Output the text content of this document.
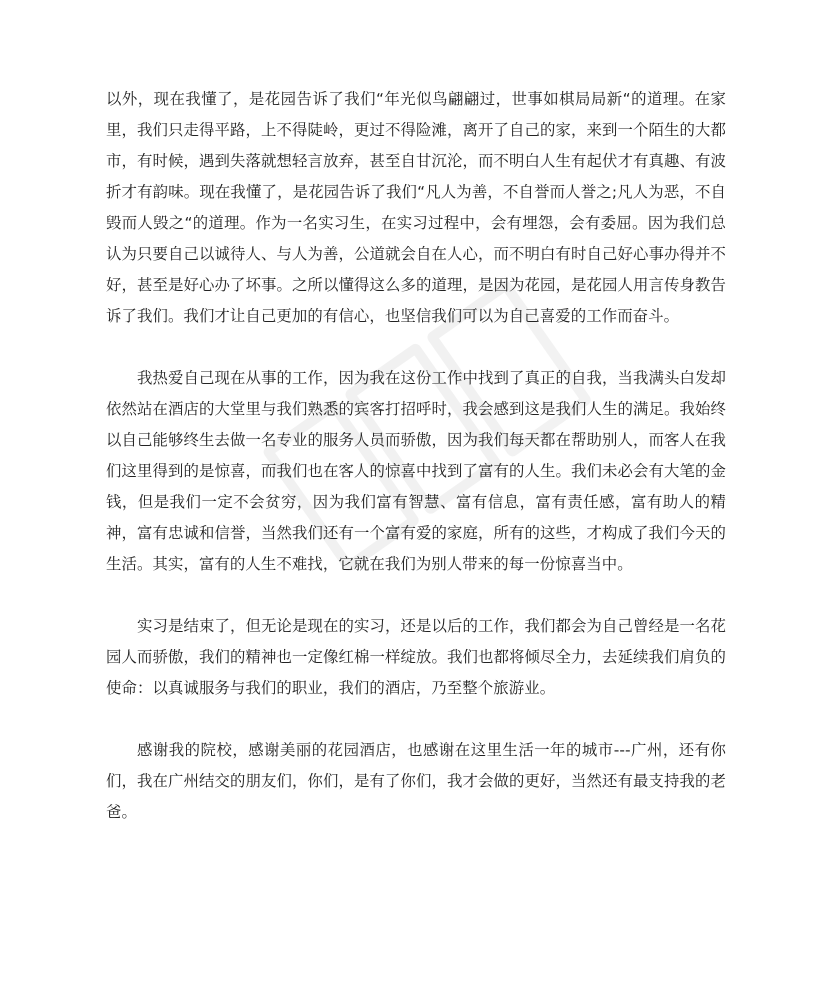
以外，现在我懂了，是花园告诉了我们“年光似鸟翩翩过，世事如棋局局新“的道理。在家里，我们只走得平路，上不得陡岭，更过不得险滩，离开了自己的家，来到一个陌生的大都市，有时候，遇到失落就想轻言放弃，甚至自甘沉沦，而不明白人生有起伏才有真趣、有波折才有韵味。现在我懂了，是花园告诉了我们“凡人为善，不自誉而人誉之;凡人为恶，不自毁而人毁之“的道理。作为一名实习生，在实习过程中，会有埋怨，会有委屈。因为我们总认为只要自己以诚待人、与人为善，公道就会自在人心，而不明白有时自己好心事办得并不好，甚至是好心办了坏事。之所以懂得这么多的道理，是因为花园，是花园人用言传身教告诉了我们。我们才让自己更加的有信心，也坚信我们可以为自己喜爱的工作而奋斗。

我热爱自己现在从事的工作，因为我在这份工作中找到了真正的自我，当我满头白发却依然站在酒店的大堂里与我们熟悉的宾客打招呼时，我会感到这是我们人生的满足。我始终以自己能够终生去做一名专业的服务人员而骄傲，因为我们每天都在帮助别人，而客人在我们这里得到的是惊喜，而我们也在客人的惊喜中找到了富有的人生。我们未必会有大笔的金钱，但是我们一定不会贫穷，因为我们富有智慧、富有信息，富有责任感，富有助人的精神，富有忠诚和信誉，当然我们还有一个富有爱的家庭，所有的这些，才构成了我们今天的生活。其实，富有的人生不难找，它就在我们为别人带来的每一份惊喜当中。

实习是结束了，但无论是现在的实习，还是以后的工作，我们都会为自己曾经是一名花园人而骄傲，我们的精神也一定像红棉一样绽放。我们也都将倾尽全力，去延续我们肩负的使命：以真诚服务与我们的职业，我们的酒店，乃至整个旅游业。

感谢我的院校，感谢美丽的花园酒店，也感谢在这里生活一年的城市---广州，还有你们，我在广州结交的朋友们，你们，是有了你们，我才会做的更好，当然还有最支持我的老爸。
